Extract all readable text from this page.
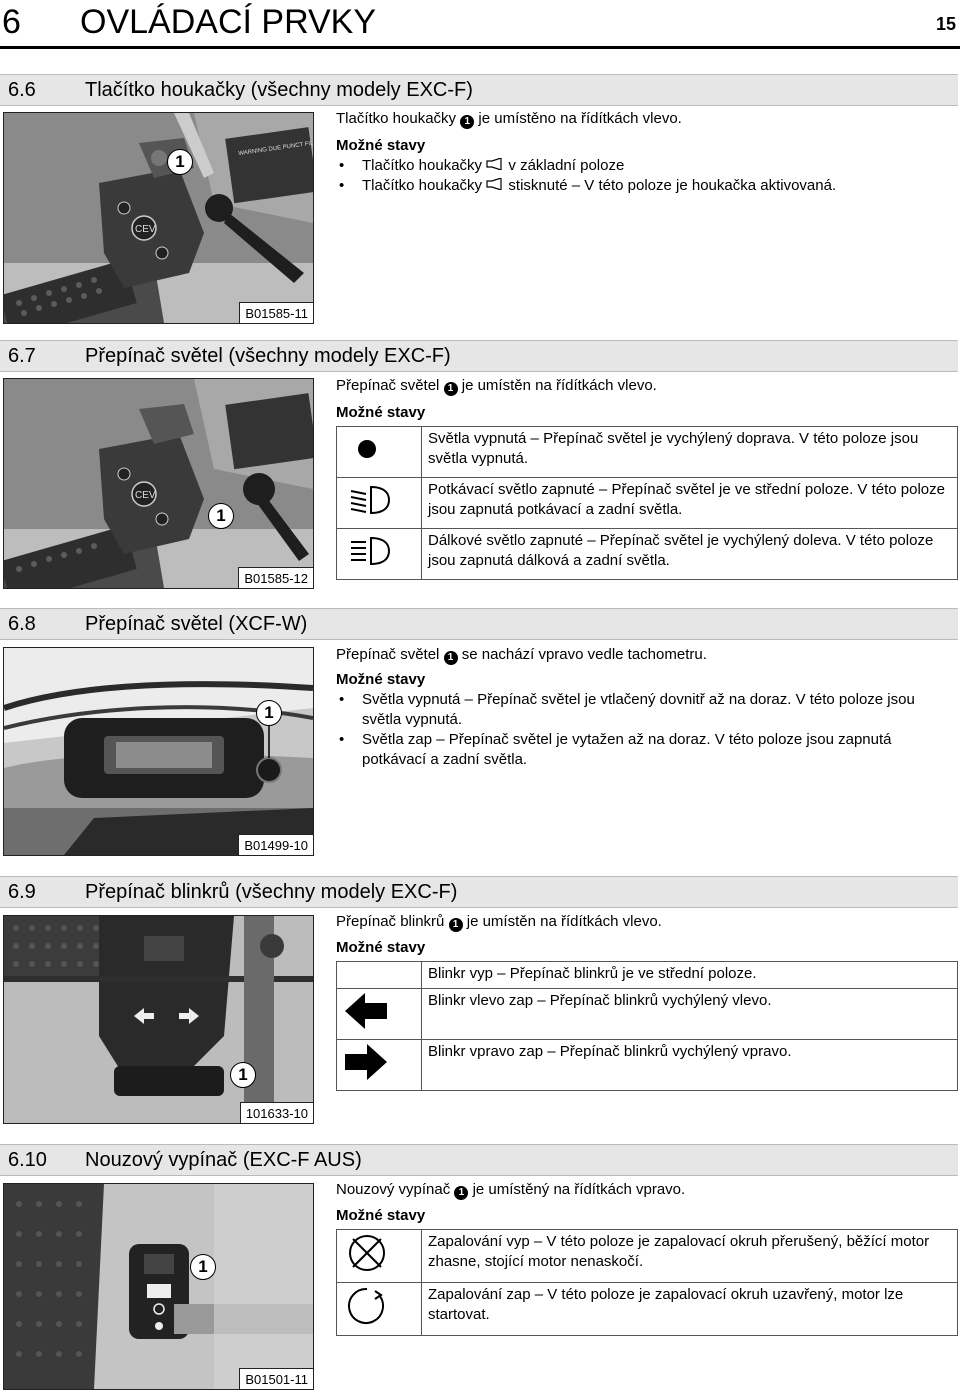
6 OVLÁDACÍ PRVKY	15
6.6 Tlačítko houkačky (všechny modely EXC-F)
CEV
1
B01585-11
Tlačítko houkačky 1 je umístěno na řídítkách vlevo.
Možné stavy
• Tlačítko houkačky v základní poloze
• Tlačítko houkačky stisknuté – V této poloze je houkačka aktivovaná.
6.7 Přepínač světel (všechny modely EXC-F)
CEV
1
B01585-12
Přepínač světel 1 je umístěn na řídítkách vlevo.
Možné stavy
	Světla vypnutá – Přepínač světel je vychýlený doprava. V této poloze jsou světla vypnutá.
	Potkávací světlo zapnuté – Přepínač světel je ve střední poloze. V této poloze jsou zapnutá potkávací a zadní světla.
	Dálkové světlo zapnuté – Přepínač světel je vychýlený doleva. V této poloze jsou zapnutá dálková a zadní světla.
6.8 Přepínač světel (XCF-W)
1
B01499-10
Přepínač světel 1 se nachází vpravo vedle tachometru.
Možné stavy
• Světla vypnutá – Přepínač světel je vtlačený dovnitř až na doraz. V této poloze jsou světla vypnutá.
• Světla zap – Přepínač světel je vytažen až na doraz. V této poloze jsou zapnutá potkávací a zadní světla.
6.9 Přepínač blinkrů (všechny modely EXC-F)
1
101633-10
Přepínač blinkrů 1 je umístěn na řídítkách vlevo.
Možné stavy
	Blinkr vyp – Přepínač blinkrů je ve střední poloze.
	Blinkr vlevo zap – Přepínač blinkrů vychýlený vlevo.
	Blinkr vpravo zap – Přepínač blinkrů vychýlený vpravo.
6.10 Nouzový vypínač (EXC-F AUS)
1
B01501-11
Nouzový vypínač 1 je umístěný na řídítkách vpravo.
Možné stavy
	Zapalování vyp – V této poloze je zapalovací okruh přerušený, běžící motor zhasne, stojící motor nenaskočí.
	Zapalování zap – V této poloze je zapalovací okruh uzavřený, motor lze startovat.
